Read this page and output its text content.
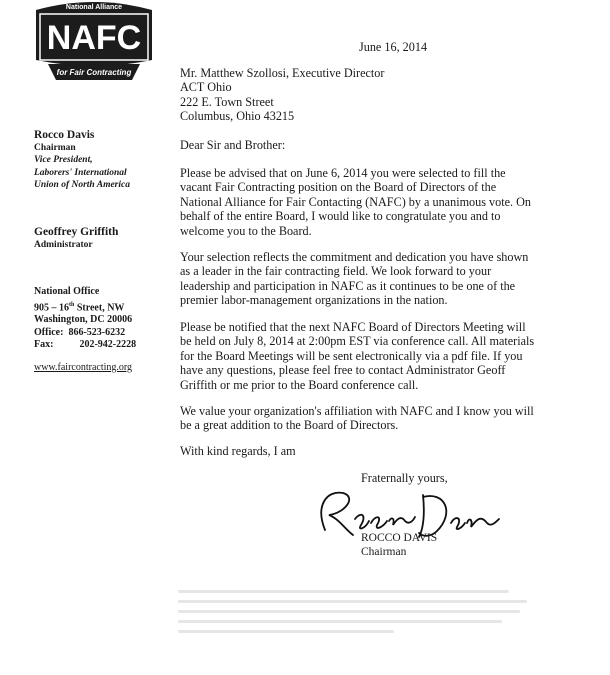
NAFC
National Alliance
for Fair Contracting
Rocco Davis
Chairman
Vice President,
Laborers' International
Union of North America
Geoffrey Griffith
Administrator
National Office
905 – 16th Street, NW
Washington, DC 20006
Office: 866-523-6232
Fax:	202-942-2228
www.faircontracting.org
June 16, 2014
Mr. Matthew Szollosi, Executive Director
ACT Ohio
222 E. Town Street
Columbus, Ohio 43215
Dear Sir and Brother:
Please be advised that on June 6, 2014 you were selected to fill the vacant Fair Contracting position on the Board of Directors of the National Alliance for Fair Contacting (NAFC) by a unanimous vote. On behalf of the entire Board, I would like to congratulate you and to welcome you to the Board.
Your selection reflects the commitment and dedication you have shown as a leader in the fair contracting field. We look forward to your leadership and participation in NAFC as it continues to be one of the premier labor-management organizations in the nation.
Please be notified that the next NAFC Board of Directors Meeting will be held on July 8, 2014 at 2:00pm EST via conference call. All materials for the Board Meetings will be sent electronically via a pdf file. If you have any questions, please feel free to contact Administrator Geoff Griffith or me prior to the Board conference call.
We value your organization's affiliation with NAFC and I know you will be a great addition to the Board of Directors.
With kind regards, I am
Fraternally yours,
ROCCO DAVIS
Chairman
